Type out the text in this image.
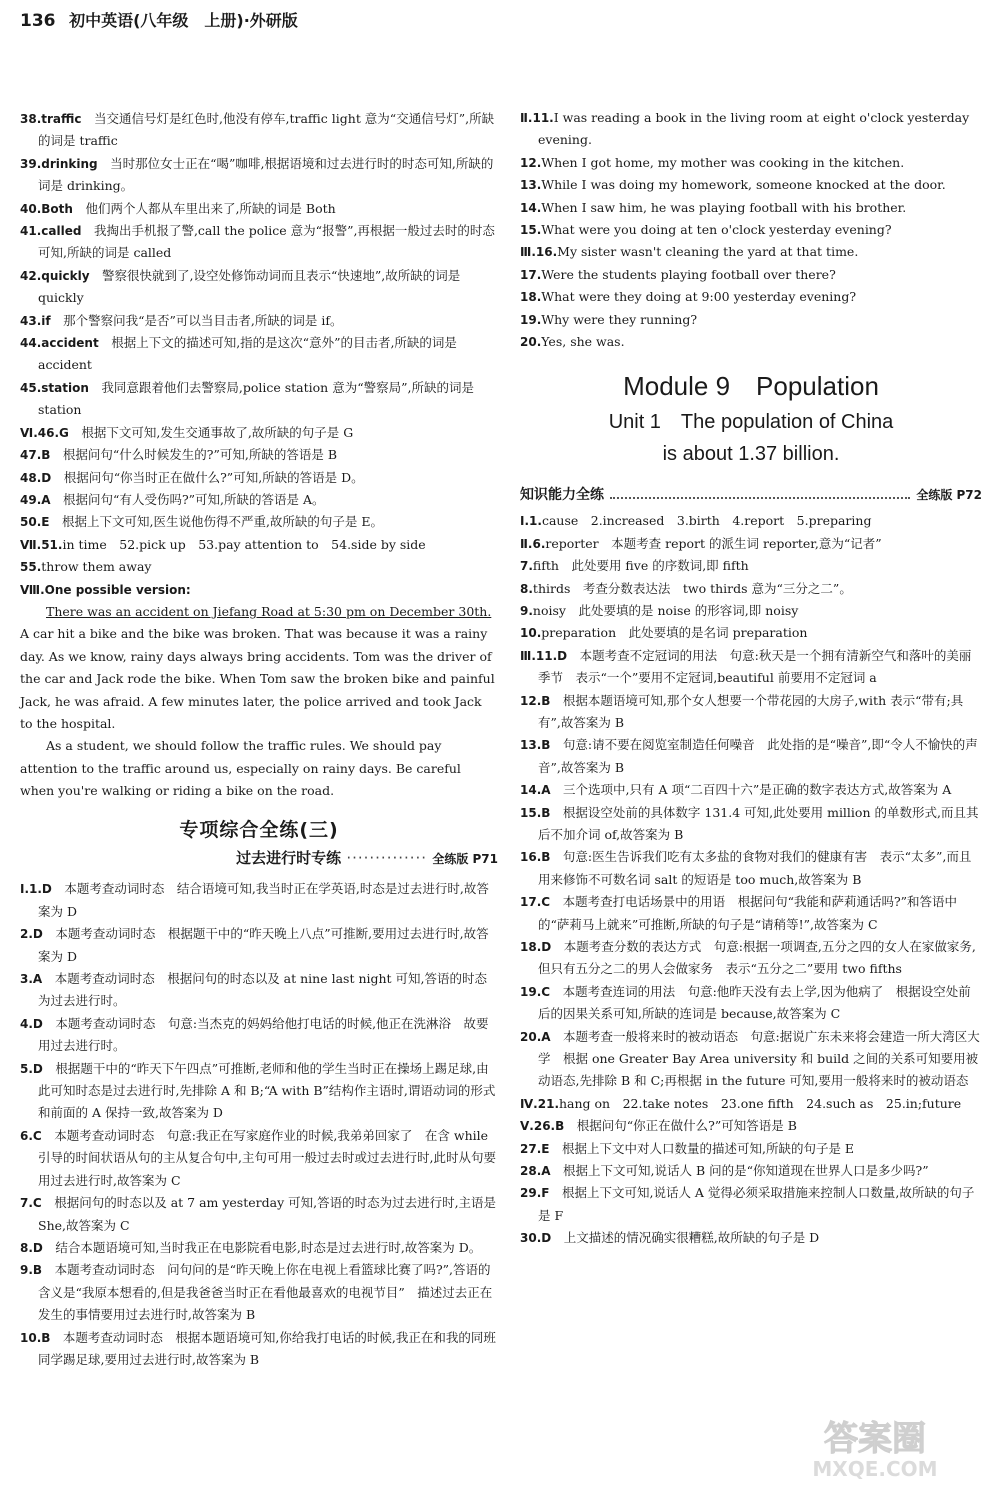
136 初中英语(八年级　上册)·外研版
38.traffic　当交通信号灯是红色时,他没有停车,traffic light 意为“交通信号灯”,所缺的词是 traffic
39.drinking　当时那位女士正在“喝”咖啡,根据语境和过去进行时的时态可知,所缺的词是 drinking。
40.Both　他们两个人都从车里出来了,所缺的词是 Both
41.called　我掏出手机报了警,call the police 意为“报警”,再根据一般过去时的时态可知,所缺的词是 called
42.quickly　警察很快就到了,设空处修饰动词而且表示“快速地”,故所缺的词是 quickly
43.if　那个警察问我“是否”可以当目击者,所缺的词是 if。
44.accident　根据上下文的描述可知,指的是这次“意外”的目击者,所缺的词是 accident
45.station　我同意跟着他们去警察局,police station 意为“警察局”,所缺的词是 station
Ⅵ.46.G　根据下文可知,发生交通事故了,故所缺的句子是 G
47.B　根据问句“什么时候发生的?”可知,所缺的答语是 B
48.D　根据问句“你当时正在做什么?”可知,所缺的答语是 D。
49.A　根据问句“有人受伤吗?”可知,所缺的答语是 A。
50.E　根据上下文可知,医生说他伤得不严重,故所缺的句子是 E。
Ⅶ.51.in time　52.pick up　53.pay attention to　54.side by side
55.throw them away
Ⅷ.One possible version:

There was an accident on Jiefang Road at 5:30 pm on December 30th. A car hit a bike and the bike was broken. That was because it was a rainy day. As we know, rainy days always bring accidents. Tom was the driver of the car and Jack rode the bike. When Tom saw the broken bike and painful Jack, he was afraid. A few minutes later, the police arrived and took Jack to the hospital.

As a student, we should follow the traffic rules. We should pay attention to the traffic around us, especially on rainy days. Be careful when you're walking or riding a bike on the road.

专项综合全练(三)
过去进行时专练 ·············· 全练版 P71
Ⅰ.1.D　本题考查动词时态　结合语境可知,我当时正在学英语,时态是过去进行时,故答案为 D
2.D　本题考查动词时态　根据题干中的“昨天晚上八点”可推断,要用过去进行时,故答案为 D
3.A　本题考查动词时态　根据问句的时态以及 at nine last night 可知,答语的时态为过去进行时。
4.D　本题考查动词时态　句意:当杰克的妈妈给他打电话的时候,他正在洗淋浴　故要用过去进行时。
5.D　根据题干中的“昨天下午四点”可推断,老师和他的学生当时正在操场上踢足球,由此可知时态是过去进行时,先排除 A 和 B;“A with B”结构作主语时,谓语动词的形式和前面的 A 保持一致,故答案为 D
6.C　本题考查动词时态　句意:我正在写家庭作业的时候,我弟弟回家了　在含 while 引导的时间状语从句的主从复合句中,主句可用一般过去时或过去进行时,此时从句要用过去进行时,故答案为 C
7.C　根据问句的时态以及 at 7 am yesterday 可知,答语的时态为过去进行时,主语是 She,故答案为 C
8.D　结合本题语境可知,当时我正在电影院看电影,时态是过去进行时,故答案为 D。
9.B　本题考查动词时态　问句问的是“昨天晚上你在电视上看篮球比赛了吗?”,答语的含义是“我原本想看的,但是我爸爸当时正在看他最喜欢的电视节目”　描述过去正在发生的事情要用过去进行时,故答案为 B
10.B　本题考查动词时态　根据本题语境可知,你给我打电话的时候,我正在和我的同班同学踢足球,要用过去进行时,故答案为 B
Ⅱ.11.I was reading a book in the living room at eight o'clock yesterday evening.
12.When I got home, my mother was cooking in the kitchen.
13.While I was doing my homework, someone knocked at the door.
14.When I saw him, he was playing football with his brother.
15.What were you doing at ten o'clock yesterday evening?
Ⅲ.16.My sister wasn't cleaning the yard at that time.
17.Were the students playing football over there?
18.What were they doing at 9:00 yesterday evening?
19.Why were they running?
20.Yes, she was.
Module 9　Population
Unit 1　The population of China
is about 1.37 billion.
知识能力全练	全练版 P72
Ⅰ.1.cause　2.increased　3.birth　4.report　5.preparing
Ⅱ.6.reporter　本题考查 report 的派生词 reporter,意为“记者”
7.fifth　此处要用 five 的序数词,即 fifth
8.thirds　考查分数表达法　two thirds 意为“三分之二”。
9.noisy　此处要填的是 noise 的形容词,即 noisy
10.preparation　此处要填的是名词 preparation
Ⅲ.11.D　本题考查不定冠词的用法　句意:秋天是一个拥有清新空气和落叶的美丽季节　表示“一个”要用不定冠词,beautiful 前要用不定冠词 a
12.B　根据本题语境可知,那个女人想要一个带花园的大房子,with 表示“带有;具有”,故答案为 B
13.B　句意:请不要在阅览室制造任何噪音　此处指的是“噪音”,即“令人不愉快的声音”,故答案为 B
14.A　三个选项中,只有 A 项“二百四十六”是正确的数字表达方式,故答案为 A
15.B　根据设空处前的具体数字 131.4 可知,此处要用 million 的单数形式,而且其后不加介词 of,故答案为 B
16.B　句意:医生告诉我们吃有太多盐的食物对我们的健康有害　表示“太多”,而且用来修饰不可数名词 salt 的短语是 too much,故答案为 B
17.C　本题考查打电话场景中的用语　根据问句“我能和萨莉通话吗?”和答语中的“萨莉马上就来”可推断,所缺的句子是“请稍等!”,故答案为 C
18.D　本题考查分数的表达方式　句意:根据一项调查,五分之四的女人在家做家务,但只有五分之二的男人会做家务　表示“五分之二”要用 two fifths
19.C　本题考查连词的用法　句意:他昨天没有去上学,因为他病了　根据设空处前后的因果关系可知,所缺的连词是 because,故答案为 C
20.A　本题考查一般将来时的被动语态　句意:据说广东未来将会建造一所大湾区大学　根据 one Greater Bay Area university 和 build 之间的关系可知要用被动语态,先排除 B 和 C;再根据 in the future 可知,要用一般将来时的被动语态
Ⅳ.21.hang on　22.take notes　23.one fifth　24.such as　25.in;future
Ⅴ.26.B　根据问句“你正在做什么?”可知答语是 B
27.E　根据上下文中对人口数量的描述可知,所缺的句子是 E
28.A　根据上下文可知,说话人 B 问的是“你知道现在世界人口是多少吗?”
29.F　根据上下文可知,说话人 A 觉得必须采取措施来控制人口数量,故所缺的句子是 F
30.D　上文描述的情况确实很糟糕,故所缺的句子是 D
答案圈
MXQE.COM
